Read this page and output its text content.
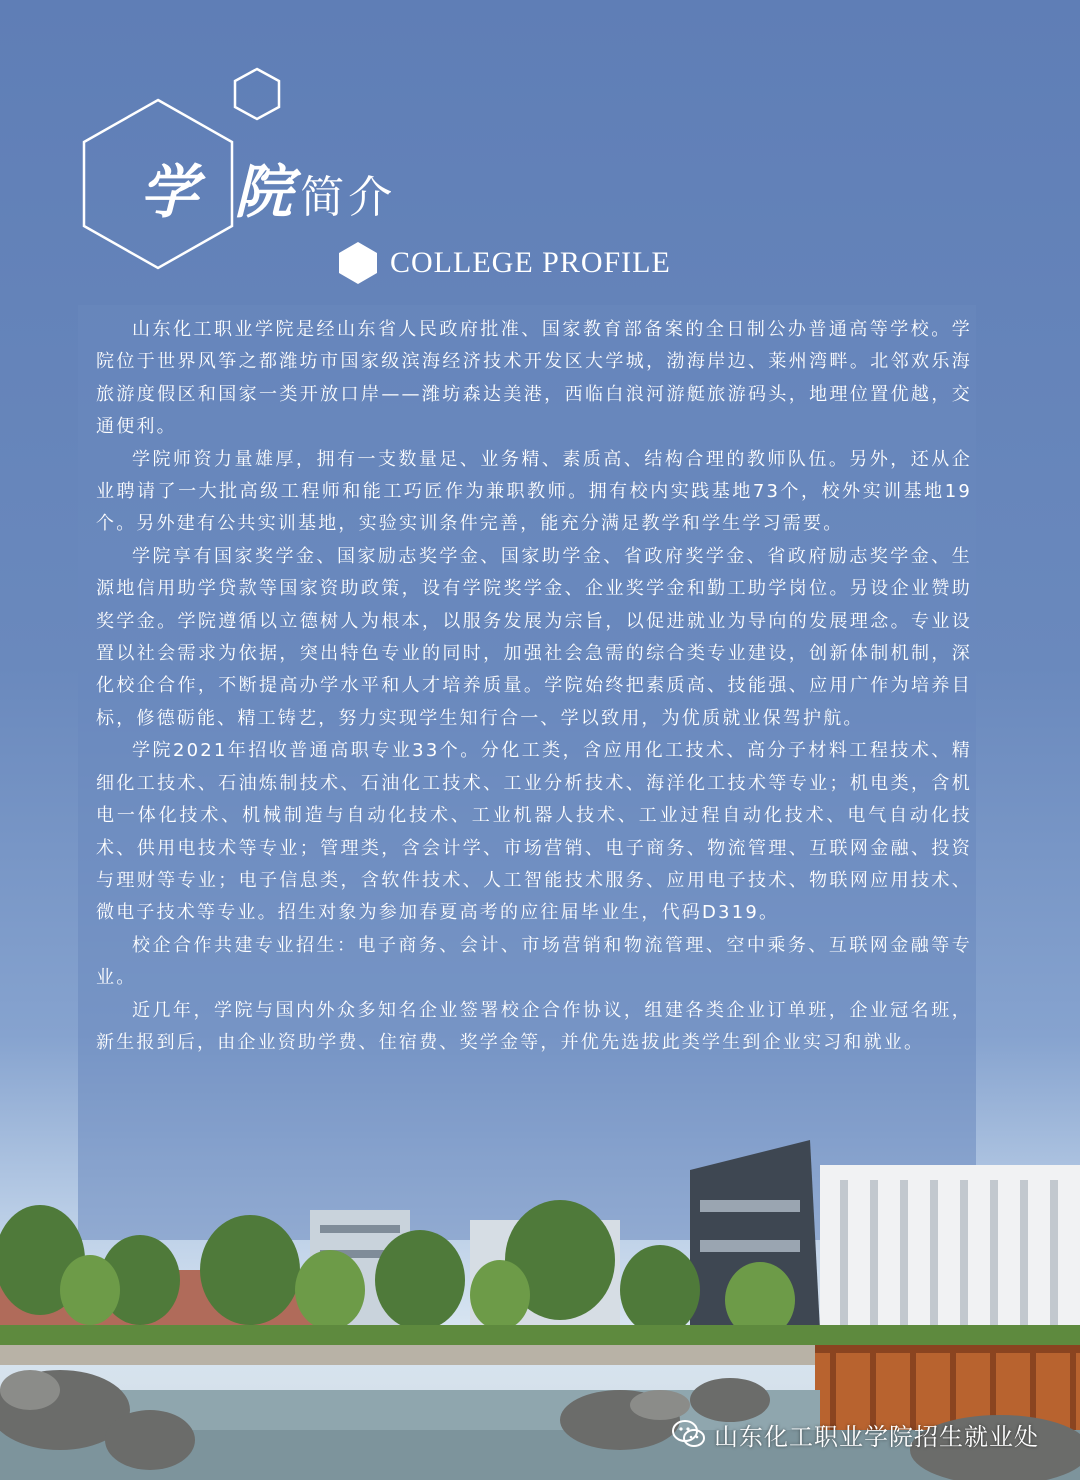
学 院简介
COLLEGE PROFILE

山东化工职业学院是经山东省人民政府批准、国家教育部备案的全日制公办普通高等学校。学院位于世界风筝之都潍坊市国家级滨海经济技术开发区大学城，渤海岸边、莱州湾畔。北邻欢乐海旅游度假区和国家一类开放口岸——潍坊森达美港，西临白浪河游艇旅游码头，地理位置优越，交通便利。

学院师资力量雄厚，拥有一支数量足、业务精、素质高、结构合理的教师队伍。另外，还从企业聘请了一大批高级工程师和能工巧匠作为兼职教师。拥有校内实践基地73个，校外实训基地19个。另外建有公共实训基地，实验实训条件完善，能充分满足教学和学生学习需要。

学院享有国家奖学金、国家励志奖学金、国家助学金、省政府奖学金、省政府励志奖学金、生源地信用助学贷款等国家资助政策，设有学院奖学金、企业奖学金和勤工助学岗位。另设企业赞助奖学金。学院遵循以立德树人为根本，以服务发展为宗旨，以促进就业为导向的发展理念。专业设置以社会需求为依据，突出特色专业的同时，加强社会急需的综合类专业建设，创新体制机制，深化校企合作，不断提高办学水平和人才培养质量。学院始终把素质高、技能强、应用广作为培养目标，修德砺能、精工铸艺，努力实现学生知行合一、学以致用，为优质就业保驾护航。

学院2021年招收普通高职专业33个。分化工类，含应用化工技术、高分子材料工程技术、精细化工技术、石油炼制技术、石油化工技术、工业分析技术、海洋化工技术等专业；机电类，含机电一体化技术、机械制造与自动化技术、工业机器人技术、工业过程自动化技术、电气自动化技术、供用电技术等专业；管理类，含会计学、市场营销、电子商务、物流管理、互联网金融、投资与理财等专业；电子信息类，含软件技术、人工智能技术服务、应用电子技术、物联网应用技术、微电子技术等专业。招生对象为参加春夏高考的应往届毕业生，代码D319。

校企合作共建专业招生：电子商务、会计、市场营销和物流管理、空中乘务、互联网金融等专业。

近几年，学院与国内外众多知名企业签署校企合作协议，组建各类企业订单班，企业冠名班，新生报到后，由企业资助学费、住宿费、奖学金等，并优先选拔此类学生到企业实习和就业。

山东化工职业学院招生就业处
